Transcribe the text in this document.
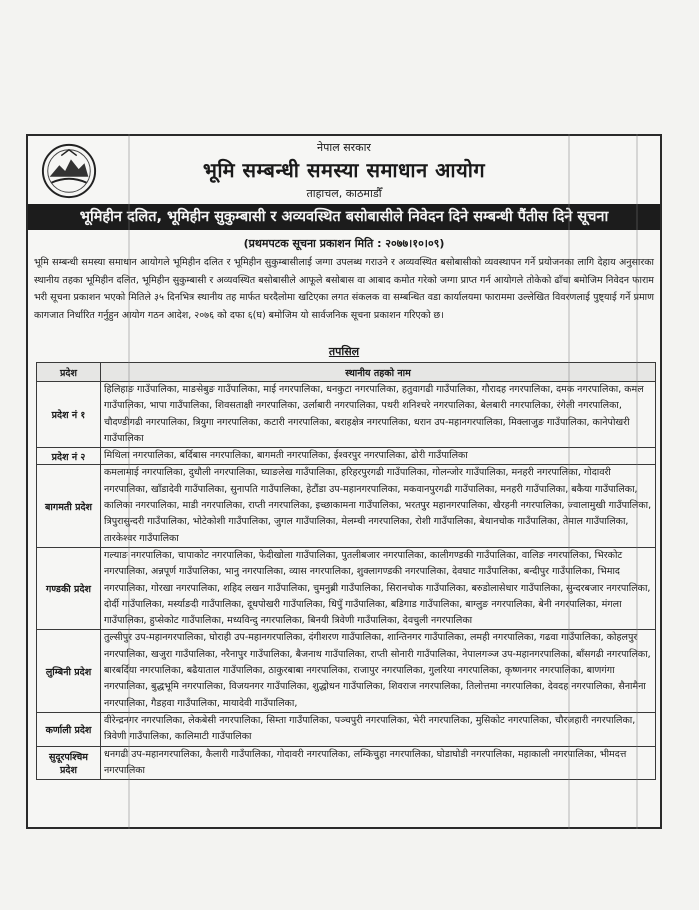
नेपाल सरकार
भूमि सम्बन्धी समस्या समाधान आयोग
ताहाचल, काठमाडौँ
भूमिहीन दलित, भूमिहीन सुकुम्बासी र अव्यवस्थित बसोबासीले निवेदन दिने सम्बन्धी पैंतीस दिने सूचना
(प्रथमपटक सूचना प्रकाशन मिति : २०७७।१०।०९)
भूमि सम्बन्धी समस्या समाधान आयोगले भूमिहीन दलित र भूमिहीन सुकुम्बासीलाई जग्गा उपलब्ध गराउने र अव्यवस्थित बसोबासीको व्यवस्थापन गर्ने प्रयोजनका लागि देहाय अनुसारका स्थानीय तहका भूमिहीन दलित, भूमिहीन सुकुम्बासी र अव्यवस्थित बसोबासीले आफूले बसोबास वा आबाद कमोत गरेको जग्गा प्राप्त गर्न आयोगले तोकेको ढाँचा बमोजिम निवेदन फाराम भरी सूचना प्रकाशन भएको मितिले ३५ दिनभित्र स्थानीय तह मार्फत घरदैलोमा खटिएका लगत संकलक वा सम्बन्धित वडा कार्यालयमा फाराममा उल्लेखित विवरणलाई पुष्ट्याई गर्ने प्रमाण कागजात निर्धारित गर्नुहुन आयोग गठन आदेश, २०७६ को दफा ६(घ) बमोजिम यो सार्वजनिक सूचना प्रकाशन गरिएको छ।
तपसिल
प्रदेश	स्थानीय तहको नाम
प्रदेश नं १	हिलिहाङ गाउँपालिका, माङसेबुङ गाउँपालिका, माई नगरपालिका, धनकुटा नगरपालिका, हतुवागढी गाउँपालिका, गौरादह नगरपालिका, दमक नगरपालिका, कमल गाउँपालिका, भापा गाउँपालिका, शिवसताक्षी नगरपालिका, उर्लाबारी नगरपालिका, पथरी शनिश्चरे नगरपालिका, बेलबारी नगरपालिका, रंगेली नगरपालिका, चौदण्डीगढी नगरपालिका, त्रियुगा नगरपालिका, कटारी नगरपालिका, बराहक्षेत्र नगरपालिका, धरान उप-महानगरपालिका, मिक्लाजुङ गाउँपालिका, कानेपोखरी गाउँपालिका
प्रदेश नं २	मिथिला नगरपालिका, बर्दिबास नगरपालिका, बागमती नगरपालिका, ईश्वरपुर नगरपालिका, ढोरी गाउँपालिका
बागमती प्रदेश	कमलामाई नगरपालिका, दुधौली नगरपालिका, घ्याङलेख गाउँपालिका, हरिहरपुरगढी गाउँपालिका, गोलन्जोर गाउँपालिका, मनहरी नगरपालिका, गोदावरी नगरपालिका, खाँडादेवी गाउँपालिका, सुनापति गाउँपालिका, हेटौंडा उप-महानगरपालिका, मकवानपुरगढी गाउँपालिका, मनहरी गाउँपालिका, बकैया गाउँपालिका, कालिका नगरपालिका, माडी नगरपालिका, राप्ती नगरपालिका, इच्छाकामना गाउँपालिका, भरतपुर महानगरपालिका, खैरहनी नगरपालिका, ज्वालामुखी गाउँपालिका, त्रिपुरासुन्दरी गाउँपालिका, भोटेकोशी गाउँपालिका, जुगल गाउँपालिका, मेलम्ची नगरपालिका, रोशी गाउँपालिका, बेथानचोक गाउँपालिका, तेमाल गाउँपालिका, तारकेश्वर गाउँपालिका
गण्डकी प्रदेश	गल्याङ नगरपालिका, चापाकोट नगरपालिका, फेदीखोला गाउँपालिका, पुतलीबजार नगरपालिका, कालीगण्डकी गाउँपालिका, वालिङ नगरपालिका, भिरकोट नगरपालिका, अन्नपूर्ण गाउँपालिका, भानु नगरपालिका, व्यास नगरपालिका, शुक्लागण्डकी नगरपालिका, देवघाट गाउँपालिका, बन्दीपुर गाउँपालिका, भिमाद नगरपालिका, गोरखा नगरपालिका, शहिद लखन गाउँपालिका, चुमनुब्री गाउँपालिका, सिरानचोक गाउँपालिका, बरुडोलासेधार गाउँपालिका, सुन्दरबजार नगरपालिका, दोर्दी गाउँपालिका, मर्स्याङदी गाउँपालिका, दूधपोखरी गाउँपालिका, धिपुँ गाउँपालिका, बडिगाड गाउँपालिका, बाग्लुङ नगरपालिका, बेनी नगरपालिका, मंगला गाउँपालिका, हुप्सेकोट गाउँपालिका, मध्यविन्दु नगरपालिका, बिनयी त्रिवेणी गाउँपालिका, देवचुली नगरपालिका
लुम्बिनी प्रदेश	तुल्सीपुर उप-महानगरपालिका, घोराही उप-महानगरपालिका, दंगीशरण गाउँपालिका, शान्तिनगर गाउँपालिका, लमही नगरपालिका, गढवा गाउँपालिका, कोहलपुर नगरपालिका, खजुरा गाउँपालिका, नरैनापुर गाउँपालिका, बैजनाथ गाउँपालिका, राप्ती सोनारी गाउँपालिका, नेपालगञ्ज उप-महानगरपालिका, बाँसगढी नगरपालिका, बारबर्दिया नगरपालिका, बढैयाताल गाउँपालिका, ठाकुरबाबा नगरपालिका, राजापुर नगरपालिका, गुलरिया नगरपालिका, कृष्णनगर नगरपालिका, बाणगंगा नगरपालिका, बुद्धभूमि नगरपालिका, विजयनगर गाउँपालिका, शुद्धोधन गाउँपालिका, शिवराज नगरपालिका, तिलोत्तमा नगरपालिका, देवदह नगरपालिका, सैनामैना नगरपालिका, गैडहवा गाउँपालिका, मायादेवी गाउँपालिका,
कर्णाली प्रदेश	वीरेन्द्रनगर नगरपालिका, लेकबेसी नगरपालिका, सिम्ता गाउँपालिका, पञ्चपुरी नगरपालिका, भेरी नगरपालिका, मुसिकोट नगरपालिका, चौरजहारी नगरपालिका, त्रिवेणी गाउँपालिका, कालिमाटी गाउँपालिका
सुदूरपश्चिम प्रदेश	धनगढी उप-महानगरपालिका, कैलारी गाउँपालिका, गोदावरी नगरपालिका, लम्किचुहा नगरपालिका, घोडाघोडी नगरपालिका, महाकाली नगरपालिका, भीमदत्त नगरपालिका
